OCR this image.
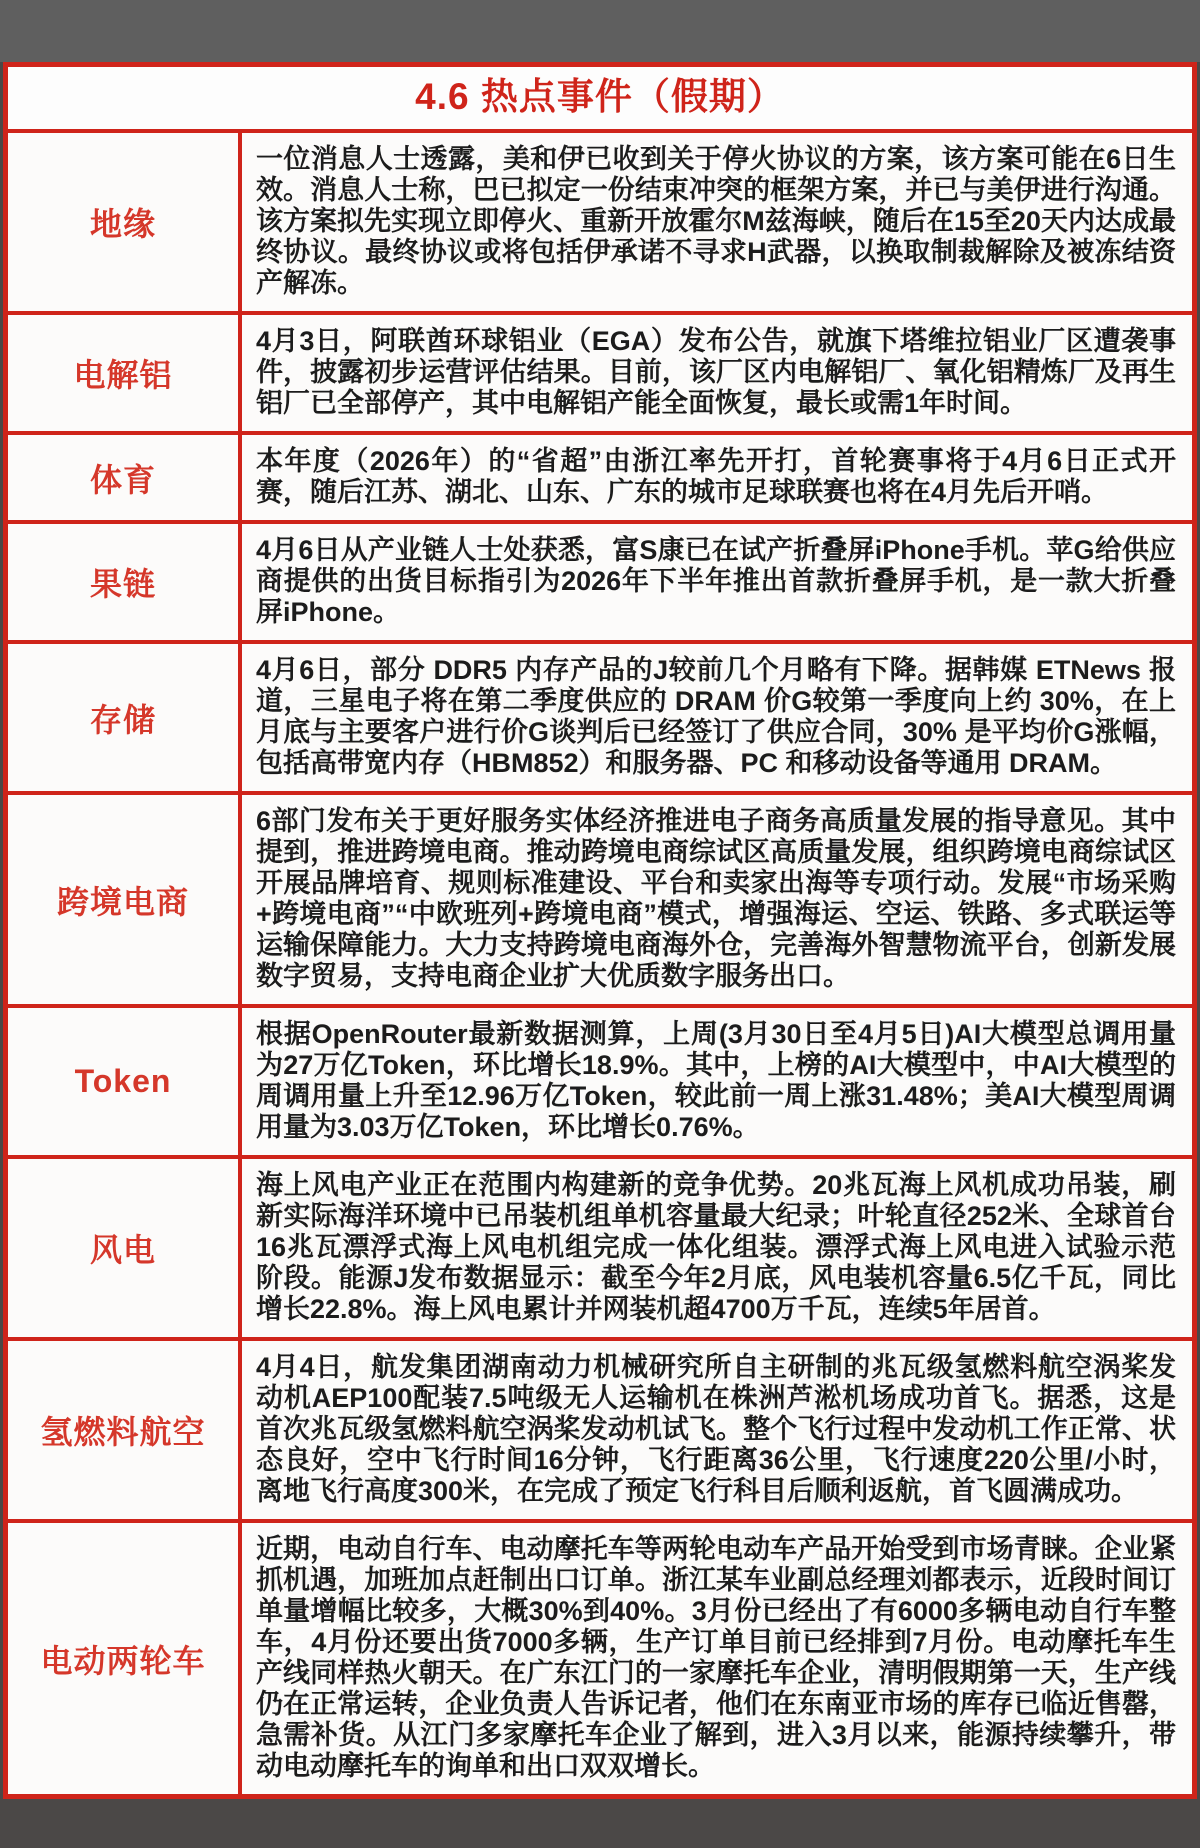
4.6 热点事件（假期）
地缘
一位消息人士透露，美和伊已收到关于停火协议的方案，该方案可能在6日生效。消息人士称，巴已拟定一份结束冲突的框架方案，并已与美伊进行沟通。该方案拟先实现立即停火、重新开放霍尔M兹海峡，随后在15至20天内达成最终协议。最终协议或将包括伊承诺不寻求H武器，以换取制裁解除及被冻结资产解冻。
电解铝
4月3日，阿联酋环球铝业（EGA）发布公告，就旗下塔维拉铝业厂区遭袭事件，披露初步运营评估结果。目前，该厂区内电解铝厂、氧化铝精炼厂及再生铝厂已全部停产，其中电解铝产能全面恢复，最长或需1年时间。
体育
本年度（2026年）的“省超”由浙江率先开打，首轮赛事将于4月6日正式开赛，随后江苏、湖北、山东、广东的城市足球联赛也将在4月先后开哨。
果链
4月6日从产业链人士处获悉，富S康已在试产折叠屏iPhone手机。苹G给供应商提供的出货目标指引为2026年下半年推出首款折叠屏手机，是一款大折叠屏iPhone。
存储
4月6日，部分 DDR5 内存产品的J较前几个月略有下降。据韩媒 ETNews 报道，三星电子将在第二季度供应的 DRAM 价G较第一季度向上约 30%，在上月底与主要客户进行价G谈判后已经签订了供应合同，30% 是平均价G涨幅，包括高带宽内存（HBM852）和服务器、PC 和移动设备等通用 DRAM。
跨境电商
6部门发布关于更好服务实体经济推进电子商务高质量发展的指导意见。其中提到，推进跨境电商。推动跨境电商综试区高质量发展，组织跨境电商综试区开展品牌培育、规则标准建设、平台和卖家出海等专项行动。发展“市场采购+跨境电商”“中欧班列+跨境电商”模式，增强海运、空运、铁路、多式联运等运输保障能力。大力支持跨境电商海外仓，完善海外智慧物流平台，创新发展数字贸易，支持电商企业扩大优质数字服务出口。
Token
根据OpenRouter最新数据测算，上周(3月30日至4月5日)AI大模型总调用量为27万亿Token，环比增长18.9%。其中，上榜的AI大模型中，中AI大模型的周调用量上升至12.96万亿Token，较此前一周上涨31.48%；美AI大模型周调用量为3.03万亿Token，环比增长0.76%。
风电
海上风电产业正在范围内构建新的竞争优势。20兆瓦海上风机成功吊装，刷新实际海洋环境中已吊装机组单机容量最大纪录；叶轮直径252米、全球首台16兆瓦漂浮式海上风电机组完成一体化组装。漂浮式海上风电进入试验示范阶段。能源J发布数据显示：截至今年2月底，风电装机容量6.5亿千瓦，同比增长22.8%。海上风电累计并网装机超4700万千瓦，连续5年居首。
氢燃料航空
4月4日，航发集团湖南动力机械研究所自主研制的兆瓦级氢燃料航空涡桨发动机AEP100配装7.5吨级无人运输机在株洲芦淞机场成功首飞。据悉，这是首次兆瓦级氢燃料航空涡桨发动机试飞。整个飞行过程中发动机工作正常、状态良好，空中飞行时间16分钟，飞行距离36公里，飞行速度220公里/小时，离地飞行高度300米，在完成了预定飞行科目后顺利返航，首飞圆满成功。
电动两轮车
近期，电动自行车、电动摩托车等两轮电动车产品开始受到市场青睐。企业紧抓机遇，加班加点赶制出口订单。浙江某车业副总经理刘都表示，近段时间订单量增幅比较多，大概30%到40%。3月份已经出了有6000多辆电动自行车整车，4月份还要出货7000多辆，生产订单目前已经排到7月份。电动摩托车生产线同样热火朝天。在广东江门的一家摩托车企业，清明假期第一天，生产线仍在正常运转，企业负责人告诉记者，他们在东南亚市场的库存已临近售罄，急需补货。从江门多家摩托车企业了解到，进入3月以来，能源持续攀升，带动电动摩托车的询单和出口双双增长。
